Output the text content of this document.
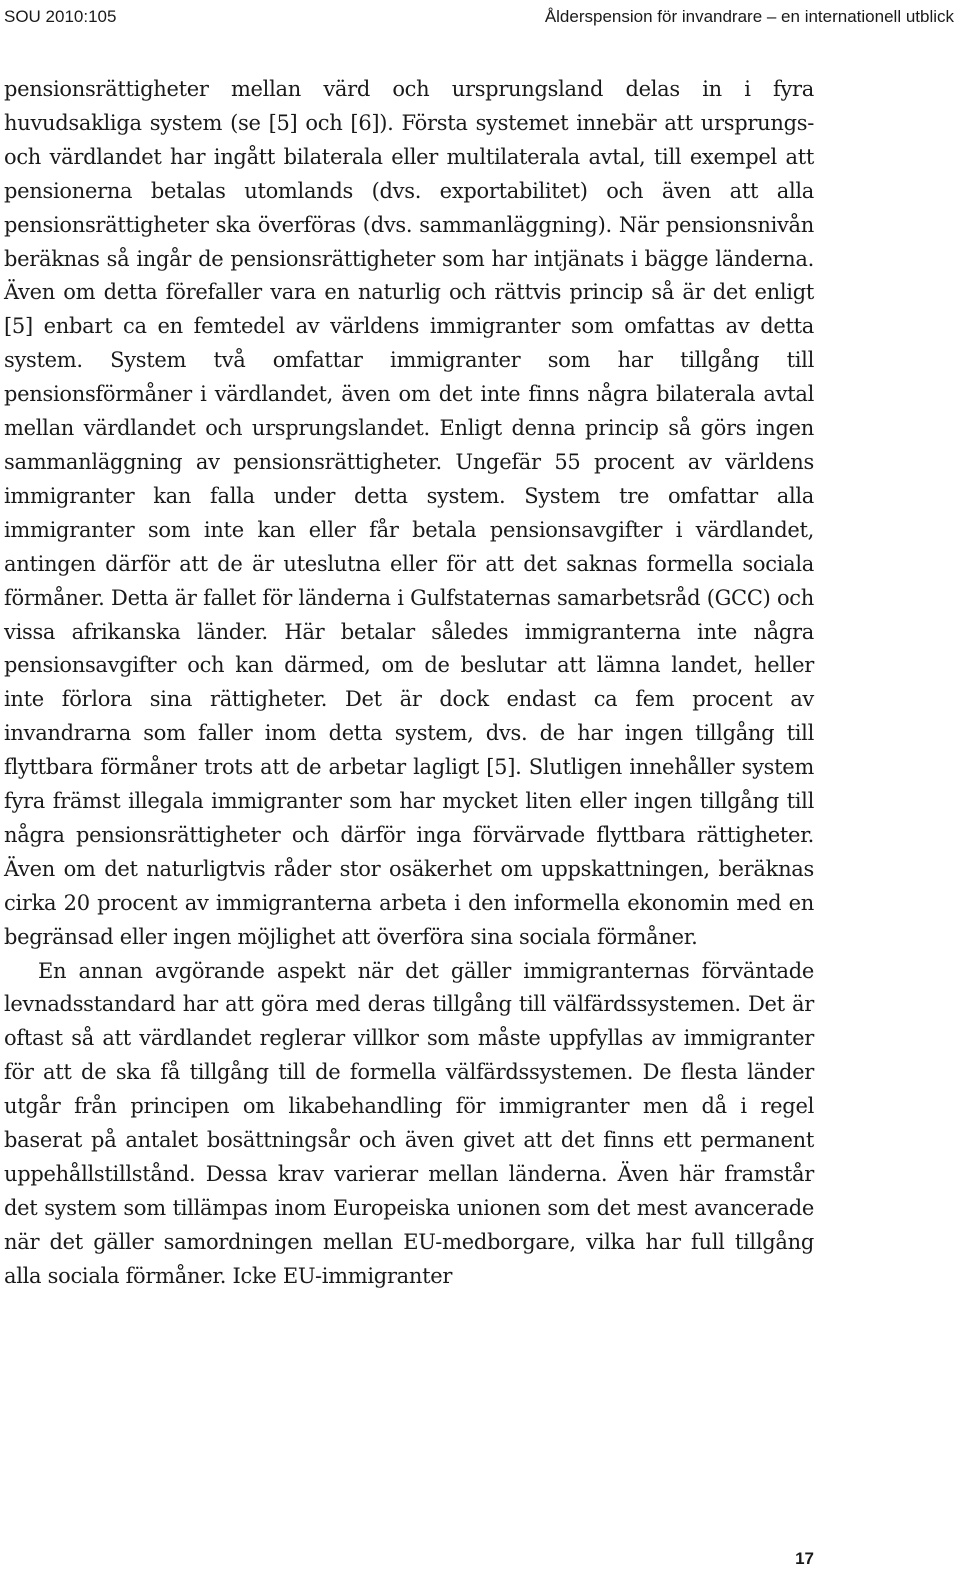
SOU 2010:105	Ålderspension för invandrare – en internationell utblick

pensionsrättigheter mellan värd och ursprungsland delas in i fyra huvudsakliga system (se [5] och [6]). Första systemet innebär att ursprungs- och värdlandet har ingått bilaterala eller multilaterala avtal, till exempel att pensionerna betalas utomlands (dvs. exportabilitet) och även att alla pensionsrättigheter ska överföras (dvs. sammanläggning). När pensionsnivån beräknas så ingår de pensionsrättigheter som har intjänats i bägge länderna. Även om detta förefaller vara en naturlig och rättvis princip så är det enligt [5] enbart ca en femtedel av världens immigranter som omfattas av detta system. System två omfattar immigranter som har tillgång till pensionsförmåner i värdlandet, även om det inte finns några bilaterala avtal mellan värdlandet och ursprungslandet. Enligt denna princip så görs ingen sammanläggning av pensionsrättigheter. Ungefär 55 procent av världens immigranter kan falla under detta system. System tre omfattar alla immigranter som inte kan eller får betala pensionsavgifter i värdlandet, antingen därför att de är uteslutna eller för att det saknas formella sociala förmåner. Detta är fallet för länderna i Gulfstaternas samarbetsråd (GCC) och vissa afrikanska länder. Här betalar således immigranterna inte några pensionsavgifter och kan därmed, om de beslutar att lämna landet, heller inte förlora sina rättigheter. Det är dock endast ca fem procent av invandrarna som faller inom detta system, dvs. de har ingen tillgång till flyttbara förmåner trots att de arbetar lagligt [5]. Slutligen innehåller system fyra främst illegala immigranter som har mycket liten eller ingen tillgång till några pensionsrättigheter och därför inga förvärvade flyttbara rättigheter. Även om det naturligtvis råder stor osäkerhet om uppskattningen, beräknas cirka 20 procent av immigranterna arbeta i den informella ekonomin med en begränsad eller ingen möjlighet att överföra sina sociala förmåner.

En annan avgörande aspekt när det gäller immigranternas förväntade levnadsstandard har att göra med deras tillgång till välfärdssystemen. Det är oftast så att värdlandet reglerar villkor som måste uppfyllas av immigranter för att de ska få tillgång till de formella välfärdssystemen. De flesta länder utgår från principen om likabehandling för immigranter men då i regel baserat på antalet bosättningsår och även givet att det finns ett permanent uppehållstillstånd. Dessa krav varierar mellan länderna. Även här framstår det system som tillämpas inom Europeiska unionen som det mest avancerade när det gäller samordningen mellan EU-medborgare, vilka har full tillgång alla sociala förmåner. Icke EU-immigranter

17
